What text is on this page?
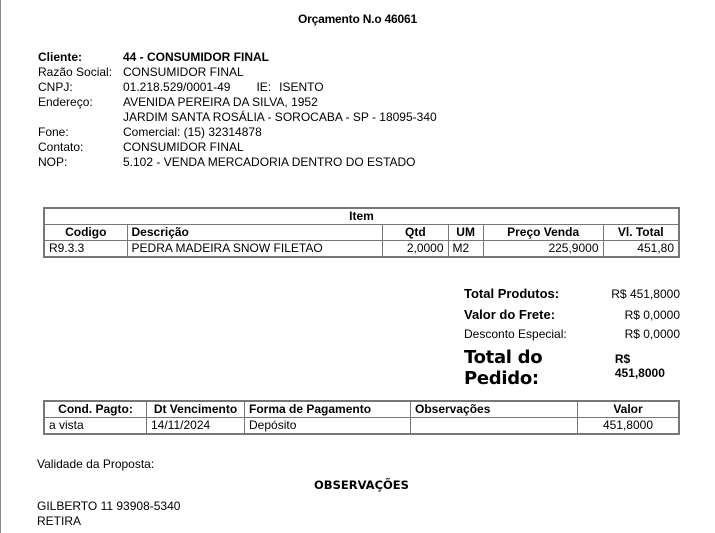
Orçamento N.o 46061
Cliente:	44 - CONSUMIDOR FINAL
Razão Social: CONSUMIDOR FINAL
CNPJ:	01.218.529/0001-49 IE: ISENTO
Endereço:	AVENIDA PEREIRA DA SILVA, 1952
JARDIM SANTA ROSÁLIA - SOROCABA - SP - 18095-340
Fone:	Comercial: (15) 32314878
Contato:	CONSUMIDOR FINAL
NOP:	5.102 - VENDA MERCADORIA DENTRO DO ESTADO
Item					
Codigo	Descrição	Qtd	UM	Preço Venda	Vl. Total
R9.3.3	PEDRA MADEIRA SNOW FILETAO	2,0000	M2	225,9000	451,80
Total Produtos:	R$ 451,8000
Valor do Frete:	R$ 0,0000
Desconto Especial:	R$ 0,0000
Total do Pedido:
R$ 451,8000
Cond. Pagto:	Dt Vencimento	Forma de Pagamento	Observações	Valor
a vista	14/11/2024	Depósito		451,8000
Validade da Proposta:
OBSERVAÇÕES
GILBERTO 11 93908-5340
RETIRA
